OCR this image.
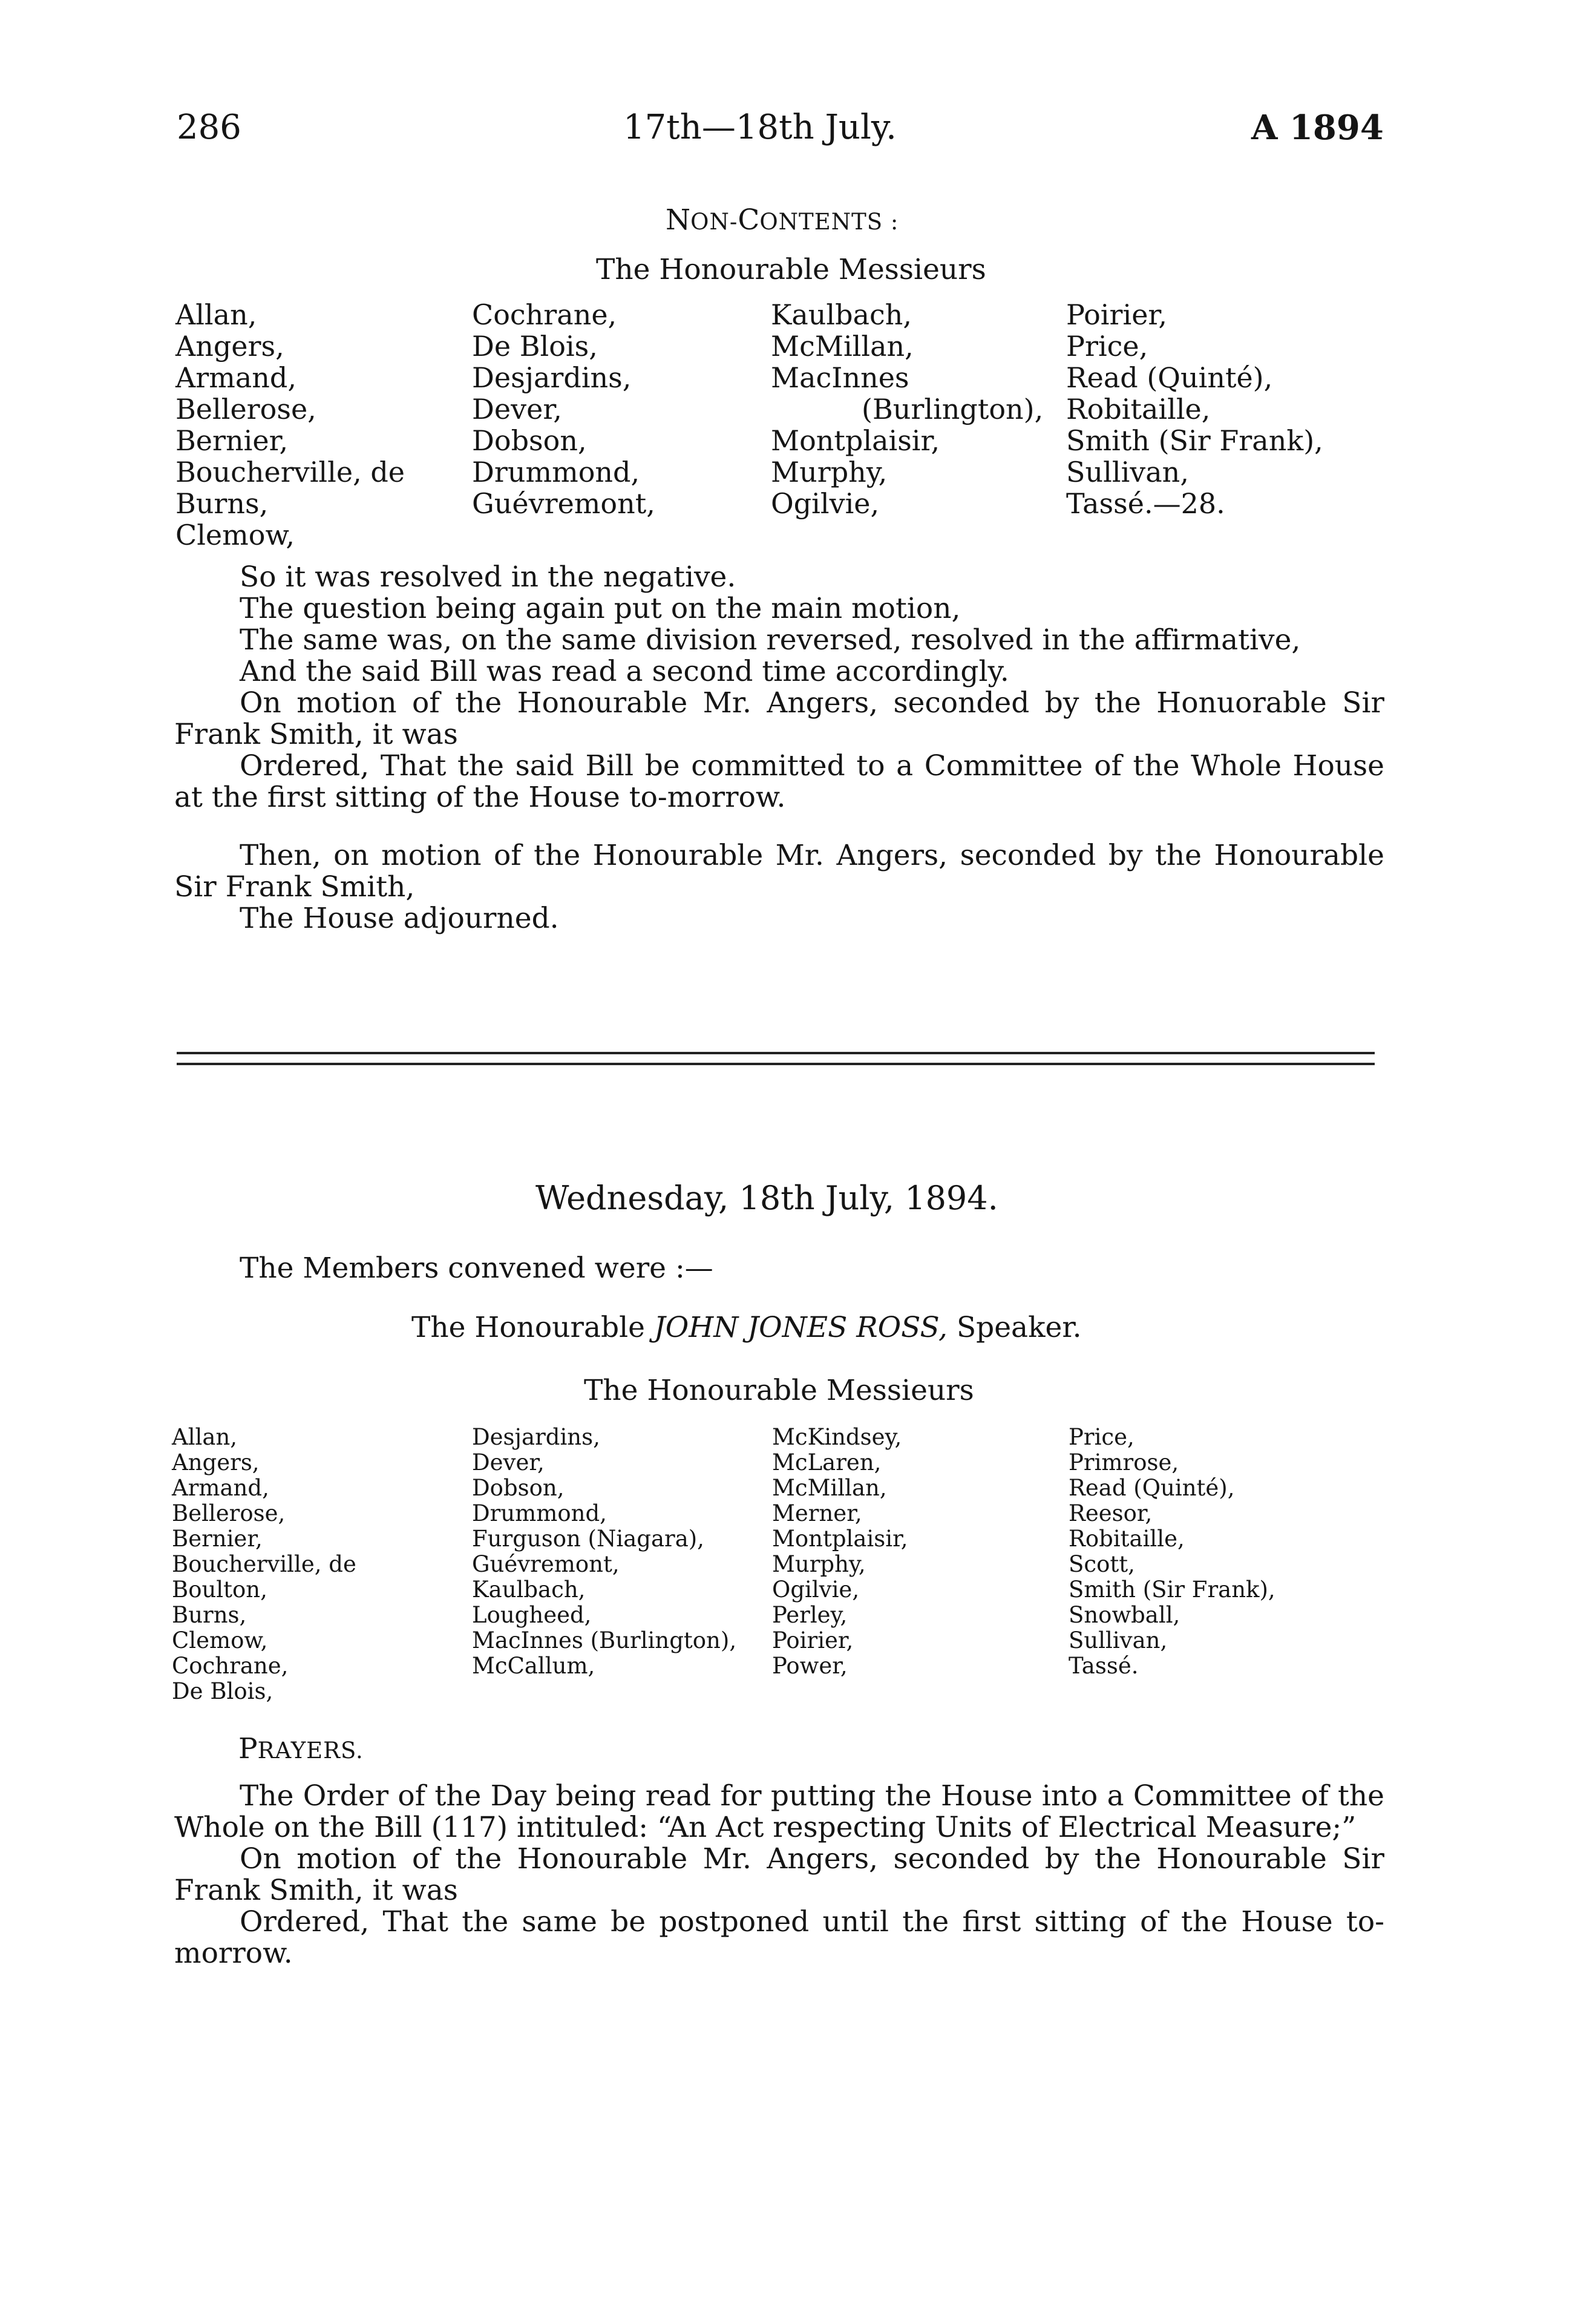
286	17th—18th July.	A 1894
NON-CONTENTS :
The Honourable Messieurs
Allan,
Angers,
Armand,
Bellerose,
Bernier,
Boucherville, de
Burns,
Clemow,
Cochrane,
De Blois,
Desjardins,
Dever,
Dobson,
Drummond,
Guévremont,
Kaulbach,
McMillan,
MacInnes
(Burlington),
Montplaisir,
Murphy,
Ogilvie,
Poirier,
Price,
Read (Quinté),
Robitaille,
Smith (Sir Frank),
Sullivan,
Tassé.—28.

So it was resolved in the negative.

The question being again put on the main motion,

The same was, on the same division reversed, resolved in the affirmative,

And the said Bill was read a second time accordingly.

On motion of the Honourable Mr. Angers, seconded by the Honuorable Sir Frank Smith, it was

Ordered, That the said Bill be committed to a Committee of the Whole House at the first sitting of the House to-morrow.

Then, on motion of the Honourable Mr. Angers, seconded by the Honourable Sir Frank Smith,

The House adjourned.

Wednesday, 18th July, 1894.
The Members convened were :—
The Honourable JOHN JONES ROSS, Speaker.
The Honourable Messieurs
Allan,
Angers,
Armand,
Bellerose,
Bernier,
Boucherville, de
Boulton,
Burns,
Clemow,
Cochrane,
De Blois,
Desjardins,
Dever,
Dobson,
Drummond,
Furguson (Niagara),
Guévremont,
Kaulbach,
Lougheed,
MacInnes (Burlington),
McCallum,
McKindsey,
McLaren,
McMillan,
Merner,
Montplaisir,
Murphy,
Ogilvie,
Perley,
Poirier,
Power,
Price,
Primrose,
Read (Quinté),
Reesor,
Robitaille,
Scott,
Smith (Sir Frank),
Snowball,
Sullivan,
Tassé.
PRAYERS.

The Order of the Day being read for putting the House into a Committee of the Whole on the Bill (117) intituled: “An Act respecting Units of Electrical Measure;”

On motion of the Honourable Mr. Angers, seconded by the Honourable Sir Frank Smith, it was

Ordered, That the same be postponed until the first sitting of the House to-morrow.
